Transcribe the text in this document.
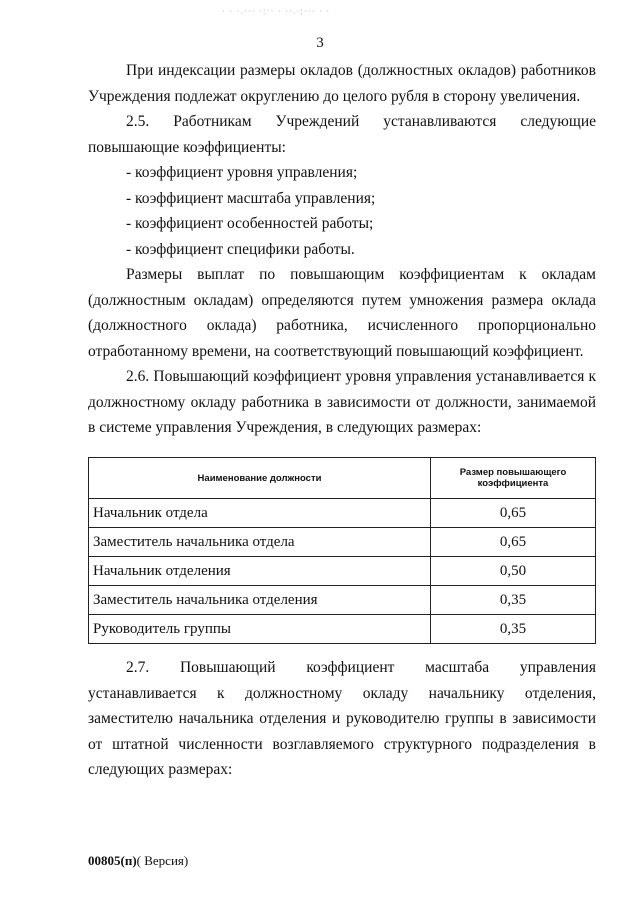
· · ·.··· ·:·· · ··.·:··· · ·
3

При индексации размеры окладов (должностных окладов) работников Учреждения подлежат округлению до целого рубля в сторону увеличения.

2.5. Работникам Учреждений устанавливаются следующие повышающие коэффициенты:

- коэффициент уровня управления;

- коэффициент масштаба управления;

- коэффициент особенностей работы;

- коэффициент специфики работы.

Размеры выплат по повышающим коэффициентам к окладам (должностным окладам) определяются путем умножения размера оклада (должностного оклада) работника, исчисленного пропорционально отработанному времени, на соответствующий повышающий коэффициент.

2.6. Повышающий коэффициент уровня управления устанавливается к должностному окладу работника в зависимости от должности, занимаемой в системе управления Учреждения, в следующих размерах:

Наименование должности	Размер повышающего коэффициента
Начальник отдела	0,65
Заместитель начальника отдела	0,65
Начальник отделения	0,50
Заместитель начальника отделения	0,35
Руководитель группы	0,35

2.7. Повышающий коэффициент масштаба управления устанавливается к должностному окладу начальнику отделения, заместителю начальника отделения и руководителю группы в зависимости от штатной численности возглавляемого структурного подразделения в следующих размерах:

00805(п)( Версия)
